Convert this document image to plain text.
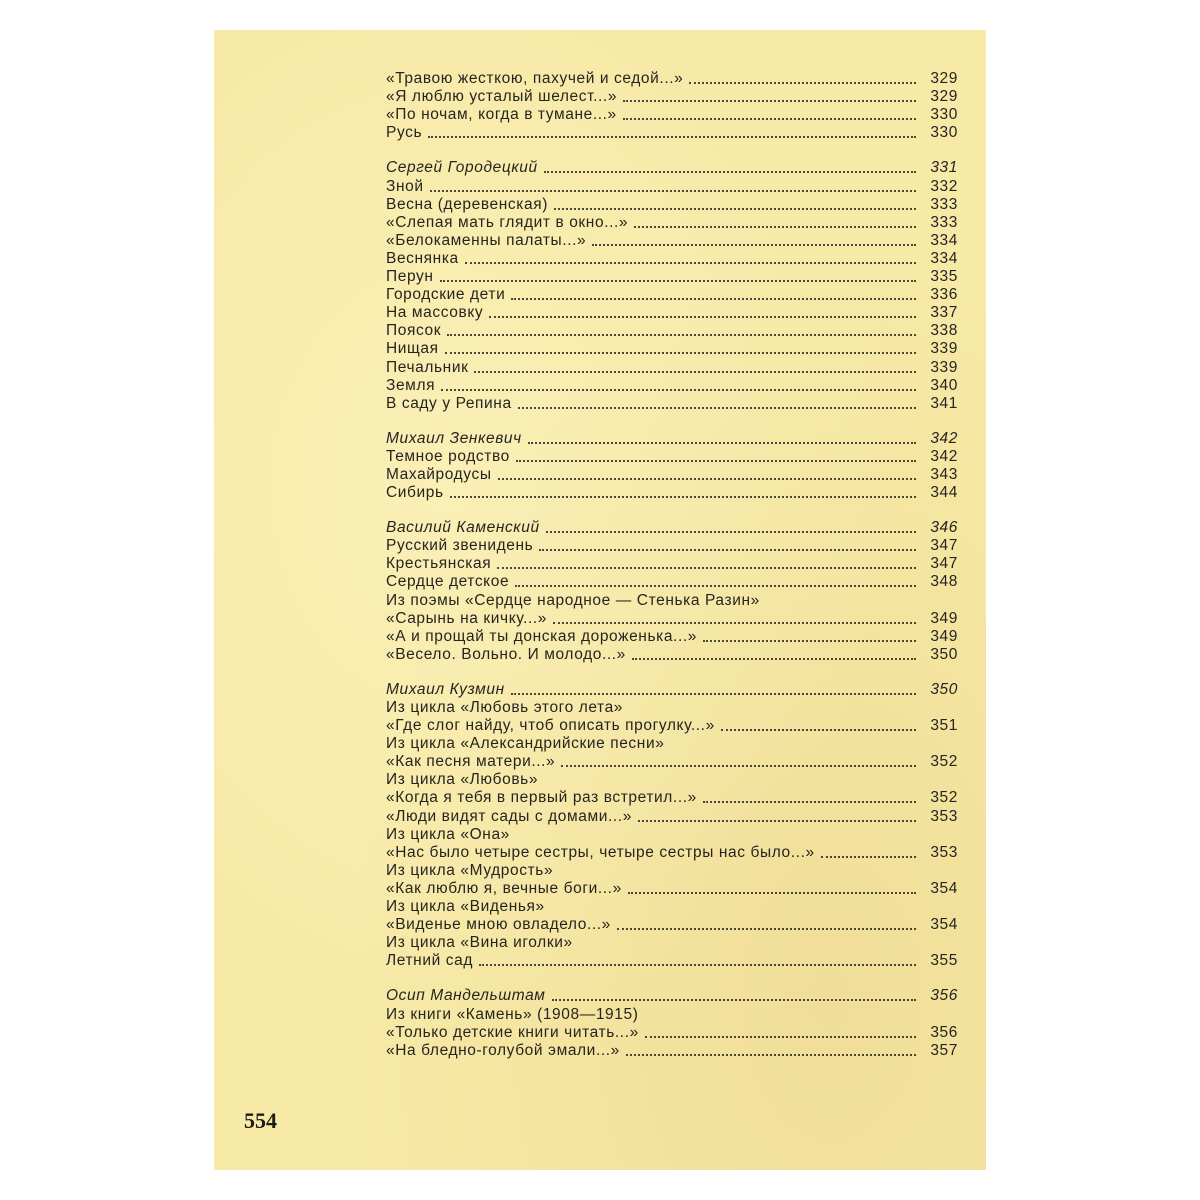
«Травою жесткою, пахучей и седой...»	329
«Я люблю усталый шелест...»	329
«По ночам, когда в тумане...»	330
Русь	330
Сергей Городецкий	331
Зной	332
Весна (деревенская)	333
«Слепая мать глядит в окно...»	333
«Белокаменны палаты...»	334
Веснянка	334
Перун	335
Городские дети	336
На массовку	337
Поясок	338
Нищая	339
Печальник	339
Земля	340
В саду у Репина	341
Михаил Зенкевич	342
Темное родство	342
Махайродусы	343
Сибирь	344
Василий Каменский	346
Русский звенидень	347
Крестьянская	347
Сердце детское	348
Из поэмы «Сердце народное — Стенька Разин»
«Сарынь на кичку...»	349
«А и прощай ты донская дороженька...»	349
«Весело. Вольно. И молодо...»	350
Михаил Кузмин	350
Из цикла «Любовь этого лета»
«Где слог найду, чтоб описать прогулку...»	351
Из цикла «Александрийские песни»
«Как песня матери...»	352
Из цикла «Любовь»
«Когда я тебя в первый раз встретил...»	352
«Люди видят сады с домами...»	353
Из цикла «Она»
«Нас было четыре сестры, четыре сестры нас было...»	353
Из цикла «Мудрость»
«Как люблю я, вечные боги...»	354
Из цикла «Виденья»
«Виденье мною овладело...»	354
Из цикла «Вина иголки»
Летний сад	355
Осип Мандельштам	356
Из книги «Камень» (1908—1915)
«Только детские книги читать...»	356
«На бледно-голубой эмали...»	357
554
